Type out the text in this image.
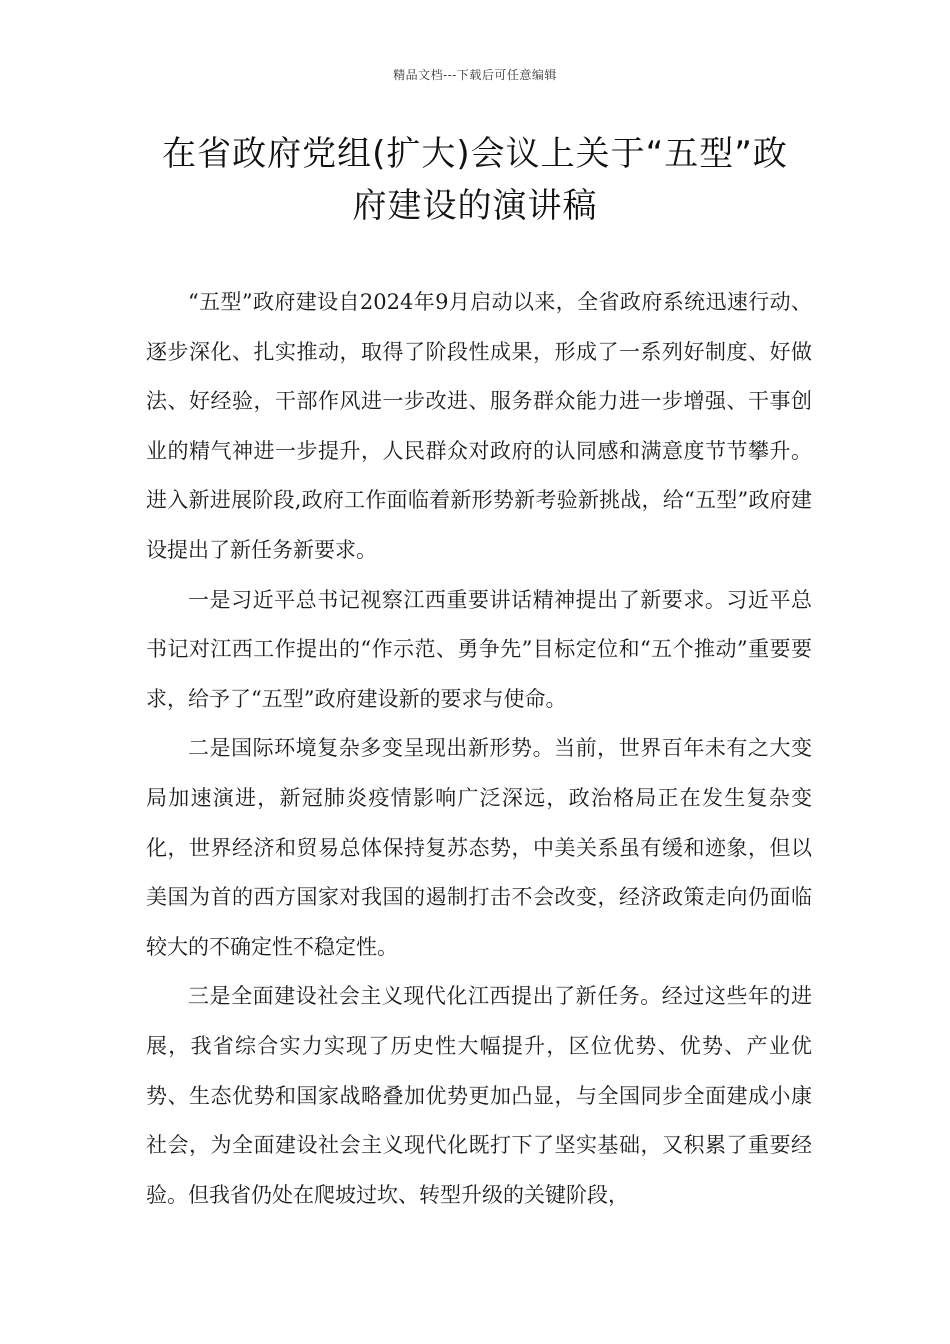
精品文档---下载后可任意编辑
在省政府党组(扩大)会议上关于“五型”政府建设的演讲稿

“五型”政府建设自2024年9月启动以来，全省政府系统迅速行动、逐步深化、扎实推动，取得了阶段性成果，形成了一系列好制度、好做法、好经验，干部作风进一步改进、服务群众能力进一步增强、干事创业的精气神进一步提升，人民群众对政府的认同感和满意度节节攀升。进入新进展阶段,政府工作面临着新形势新考验新挑战，给“五型”政府建设提出了新任务新要求。

一是习近平总书记视察江西重要讲话精神提出了新要求。习近平总书记对江西工作提出的“作示范、勇争先”目标定位和“五个推动”重要要求，给予了“五型”政府建设新的要求与使命。

二是国际环境复杂多变呈现出新形势。当前，世界百年未有之大变局加速演进，新冠肺炎疫情影响广泛深远，政治格局正在发生复杂变化，世界经济和贸易总体保持复苏态势，中美关系虽有缓和迹象，但以美国为首的西方国家对我国的遏制打击不会改变，经济政策走向仍面临较大的不确定性不稳定性。

三是全面建设社会主义现代化江西提出了新任务。经过这些年的进展，我省综合实力实现了历史性大幅提升，区位优势、优势、产业优势、生态优势和国家战略叠加优势更加凸显，与全国同步全面建成小康社会，为全面建设社会主义现代化既打下了坚实基础，又积累了重要经验。但我省仍处在爬坡过坎、转型升级的关键阶段，
